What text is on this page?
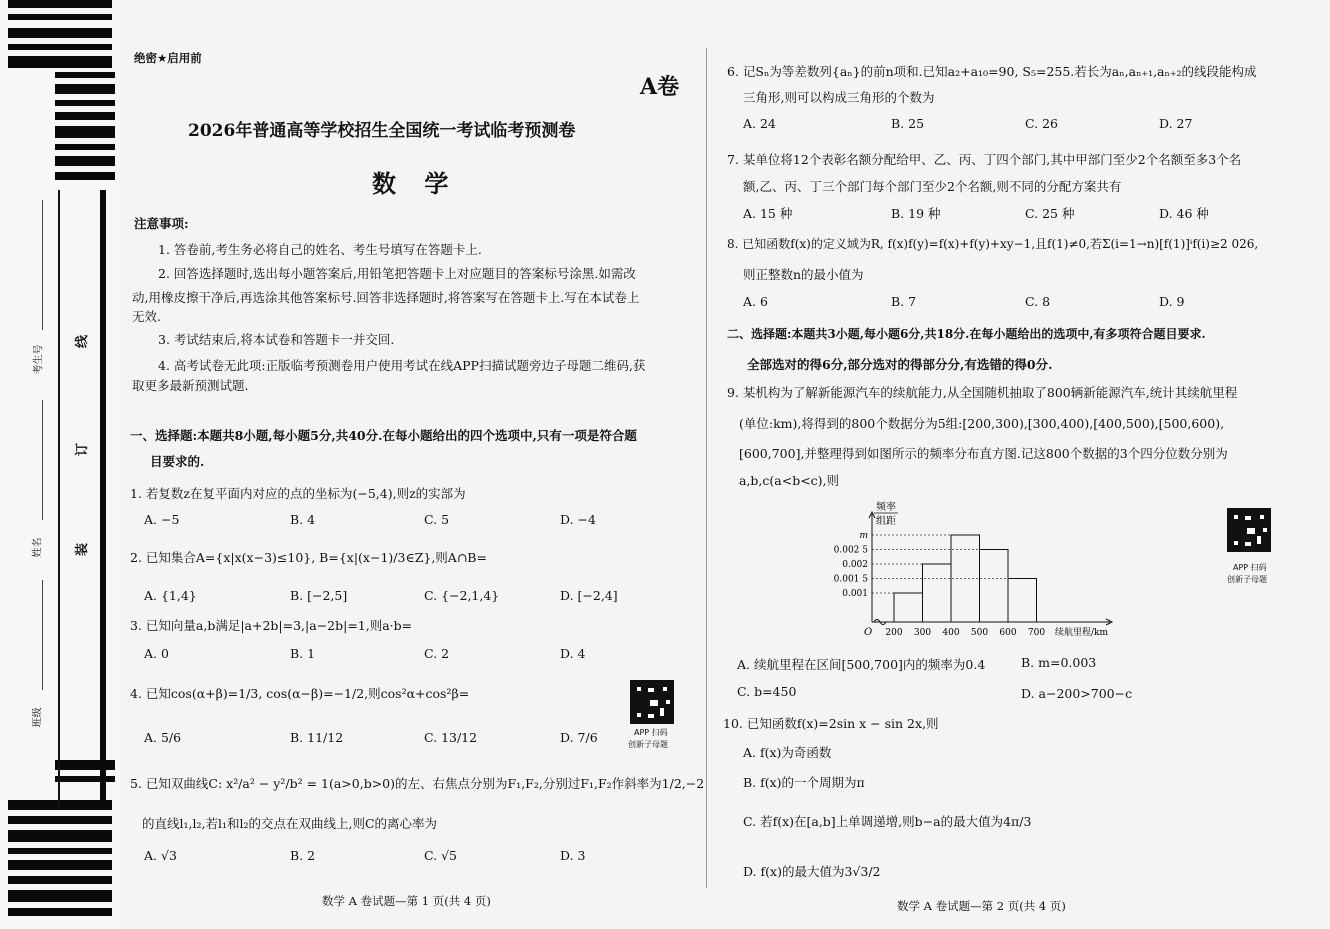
线
订
装
考生号
姓名
班级
绝密★启用前
A卷
2026年普通高等学校招生全国统一考试临考预测卷
数 学
注意事项:
1. 答卷前,考生务必将自己的姓名、考生号填写在答题卡上.
2. 回答选择题时,选出每小题答案后,用铅笔把答题卡上对应题目的答案标号涂黑.如需改
动,用橡皮擦干净后,再选涂其他答案标号.回答非选择题时,将答案写在答题卡上.写在本试卷上
无效.
3. 考试结束后,将本试卷和答题卡一并交回.
4. 高考试卷无此项:正版临考预测卷用户使用考试在线APP扫描试题旁边子母题二维码,获
取更多最新预测试题.
一、选择题:本题共8小题,每小题5分,共40分.在每小题给出的四个选项中,只有一项是符合题
目要求的.
1. 若复数z在复平面内对应的点的坐标为(−5,4),则z的实部为
A. −5	B. 4	C. 5	D. −4
2. 已知集合A={x|x(x−3)≤10}, B={x|(x−1)/3∈Z},则A∩B=
A. {1,4}	B. [−2,5]	C. {−2,1,4}	D. [−2,4]
3. 已知向量a,b满足|a+2b|=3,|a−2b|=1,则a·b=
A. 0	B. 1	C. 2	D. 4
4. 已知cos(α+β)=1/3, cos(α−β)=−1/2,则cos²α+cos²β=
A. 5/6	B. 11/12	C. 13/12	D. 7/6	APP 扫码
创新子母题
5. 已知双曲线C: x²/a² − y²/b² = 1(a>0,b>0)的左、右焦点分别为F₁,F₂,分别过F₁,F₂作斜率为1/2,−2
的直线l₁,l₂,若l₁和l₂的交点在双曲线上,则C的离心率为
A. √3	B. 2	C. √5	D. 3
数学 A 卷试题—第 1 页(共 4 页)
6. 记Sₙ为等差数列{aₙ}的前n项和.已知a₂+a₁₀=90, S₅=255.若长为aₙ,aₙ₊₁,aₙ₊₂的线段能构成
三角形,则可以构成三角形的个数为
A. 24	B. 25	C. 26	D. 27
7. 某单位将12个表彰名额分配给甲、乙、丙、丁四个部门,其中甲部门至少2个名额至多3个名
额,乙、丙、丁三个部门每个部门至少2个名额,则不同的分配方案共有
A. 15 种	B. 19 种	C. 25 种	D. 46 种
8. 已知函数f(x)的定义域为R, f(x)f(y)=f(x)+f(y)+xy−1,且f(1)≠0,若Σ(i=1→n)[f(1)]ⁱf(i)≥2 026,
则正整数n的最小值为
A. 6	B. 7	C. 8	D. 9
二、选择题:本题共3小题,每小题6分,共18分.在每小题给出的选项中,有多项符合题目要求.
全部选对的得6分,部分选对的得部分分,有选错的得0分.
9. 某机构为了解新能源汽车的续航能力,从全国随机抽取了800辆新能源汽车,统计其续航里程
(单位:km),将得到的800个数据分为5组:[200,300),[300,400),[400,500),[500,600),
[600,700],并整理得到如图所示的频率分布直方图.记这800个数据的3个四分位数分别为
a,b,c(a<b<c),则
APP 扫码
创新子母题
A. 续航里程在区间[500,700]内的频率为0.4	B. m=0.003
C. b=450	D. a−200>700−c
10. 已知函数f(x)=2sin x − sin 2x,则
A. f(x)为奇函数
B. f(x)的一个周期为π
C. 若f(x)在[a,b]上单调递增,则b−a的最大值为4π/3
D. f(x)的最大值为3√3/2
数学 A 卷试题—第 2 页(共 4 页)
0.001
0.001 5
0.002
0.002 5
m
200 300 400 500 600 700
O	续航里程/km
频率
组距
